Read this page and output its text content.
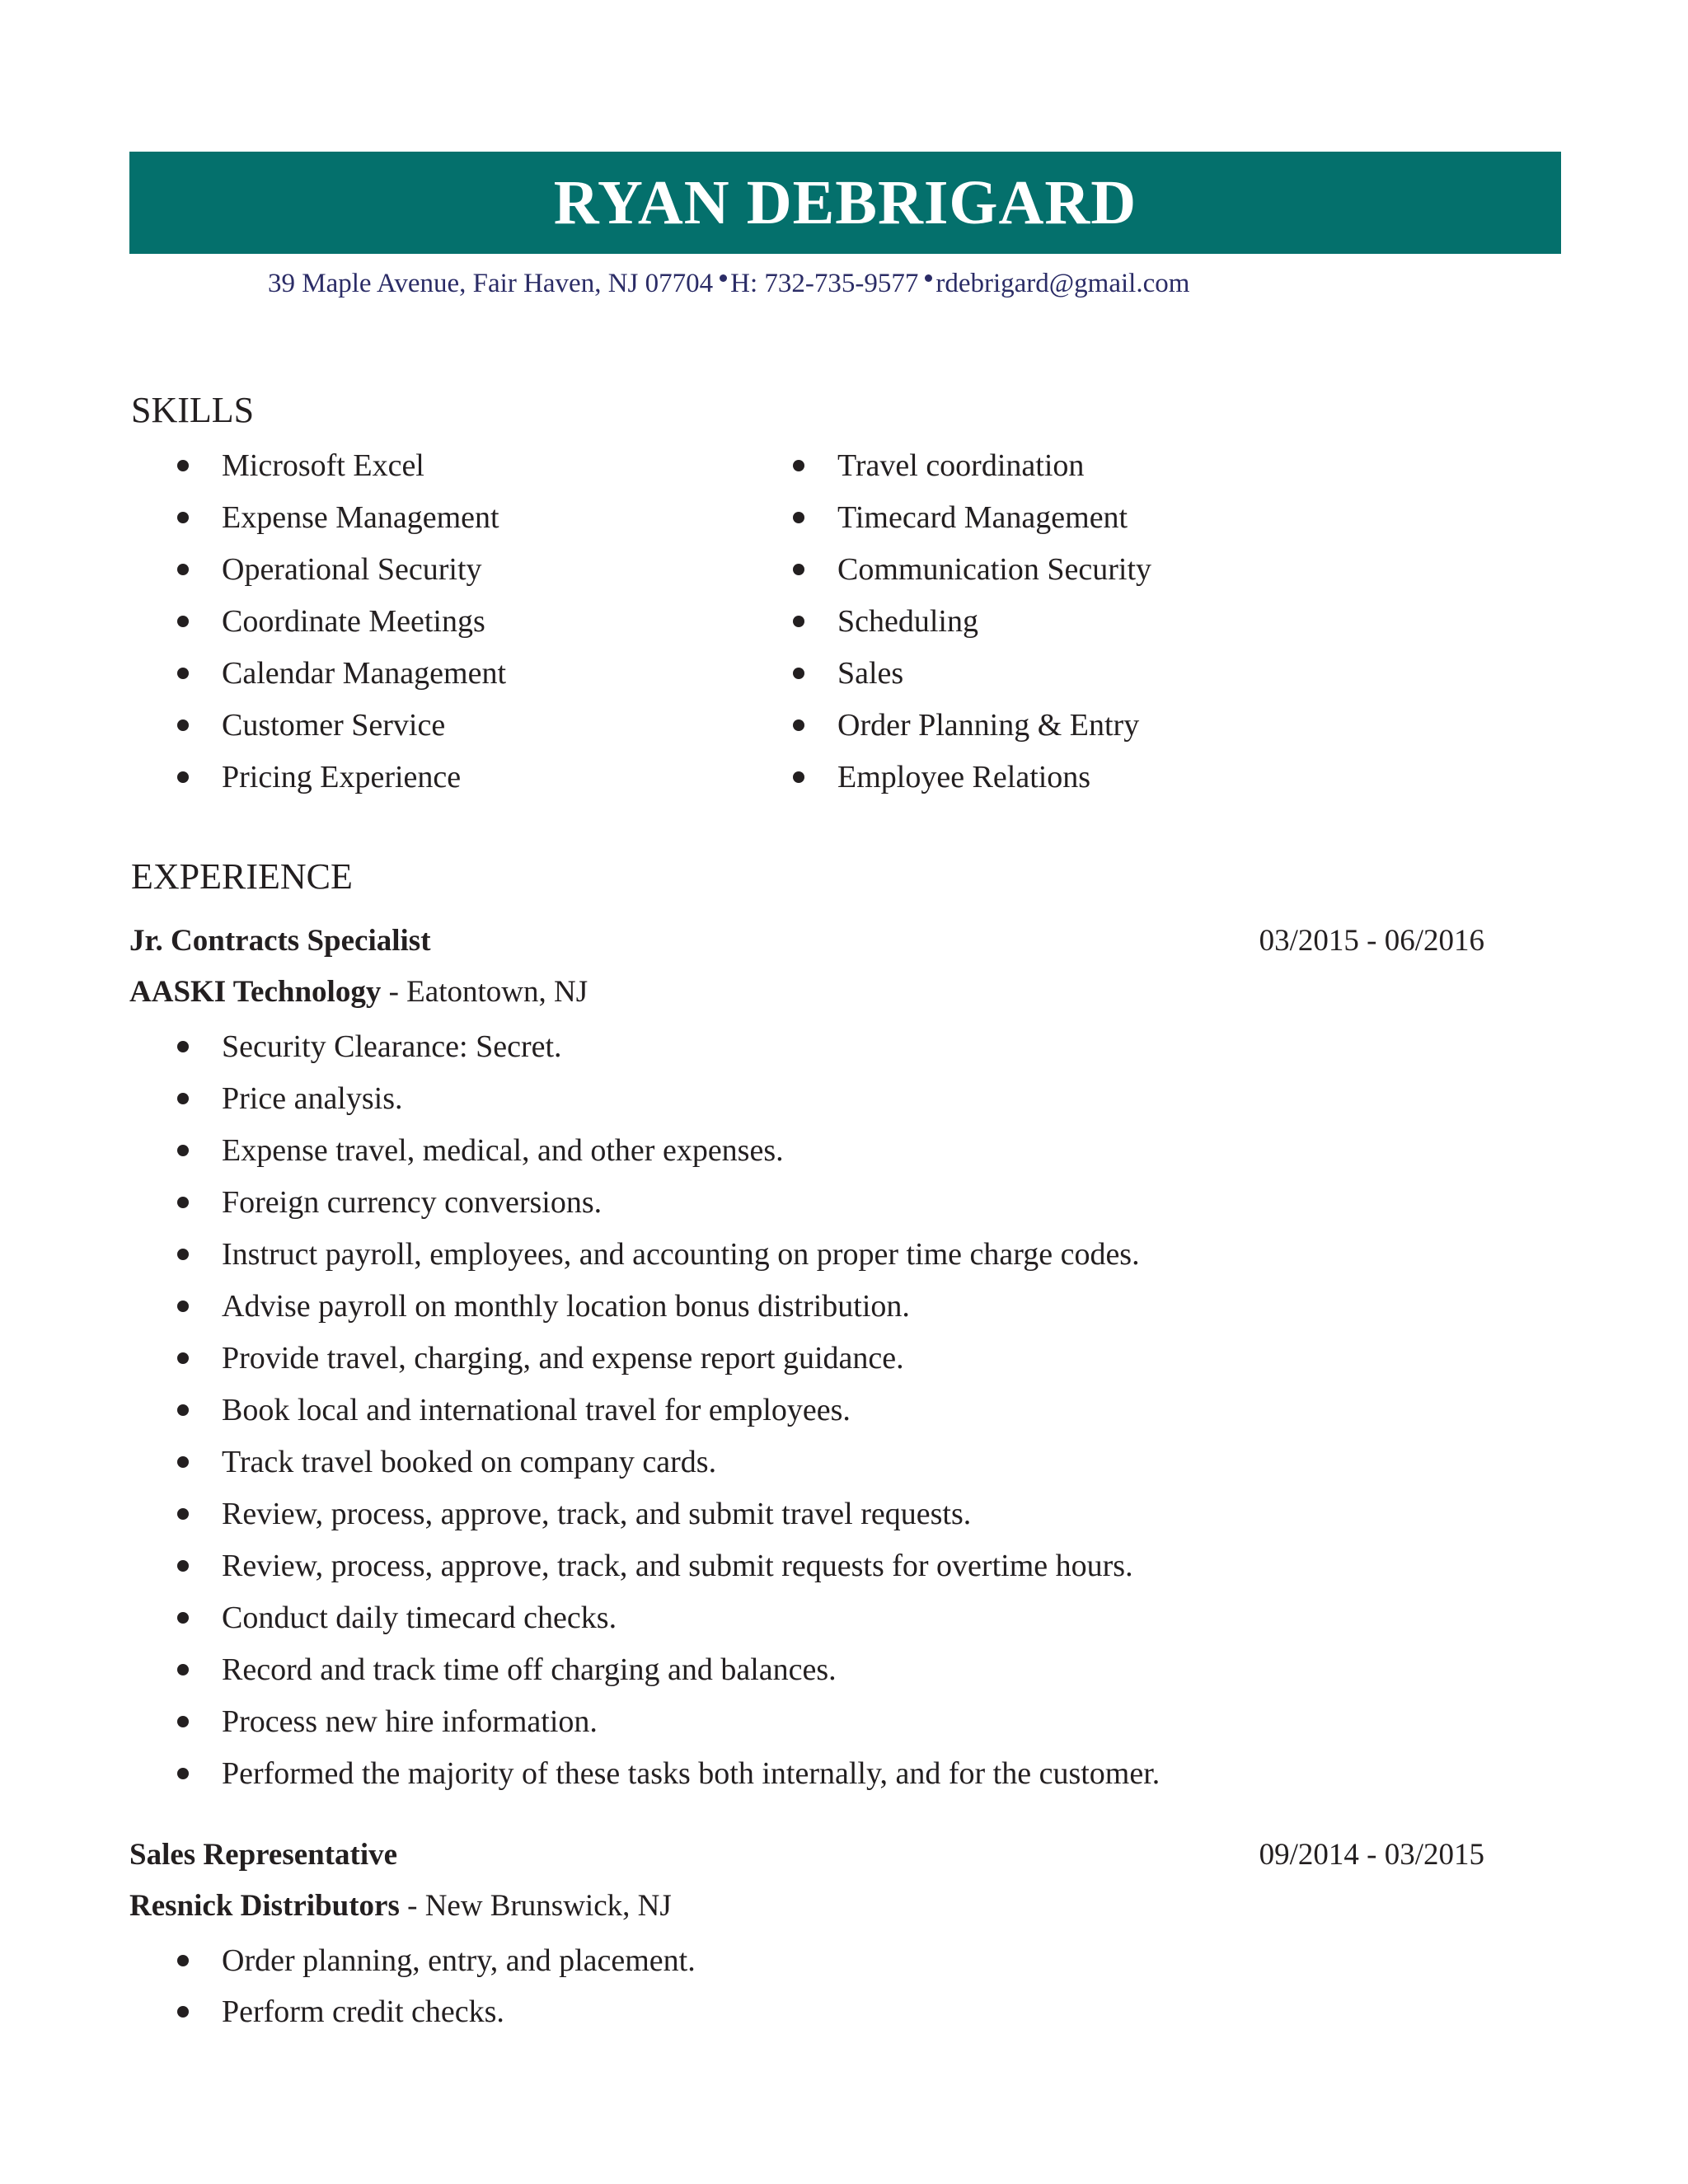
RYAN DEBRIGARD
39 Maple Avenue, Fair Haven, NJ 07704 H: 732-735-9577 rdebrigard@gmail.com
SKILLS
Microsoft Excel
Expense Management
Operational Security
Coordinate Meetings
Calendar Management
Customer Service
Pricing Experience
Travel coordination
Timecard Management
Communication Security
Scheduling
Sales
Order Planning & Entry
Employee Relations
EXPERIENCE
Jr. Contracts Specialist	03/2015 - 06/2016
AASKI Technology - Eatontown, NJ
Security Clearance: Secret.
Price analysis.
Expense travel, medical, and other expenses.
Foreign currency conversions.
Instruct payroll, employees, and accounting on proper time charge codes.
Advise payroll on monthly location bonus distribution.
Provide travel, charging, and expense report guidance.
Book local and international travel for employees.
Track travel booked on company cards.
Review, process, approve, track, and submit travel requests.
Review, process, approve, track, and submit requests for overtime hours.
Conduct daily timecard checks.
Record and track time off charging and balances.
Process new hire information.
Performed the majority of these tasks both internally, and for the customer.
Sales Representative	09/2014 - 03/2015
Resnick Distributors - New Brunswick, NJ
Order planning, entry, and placement.
Perform credit checks.
